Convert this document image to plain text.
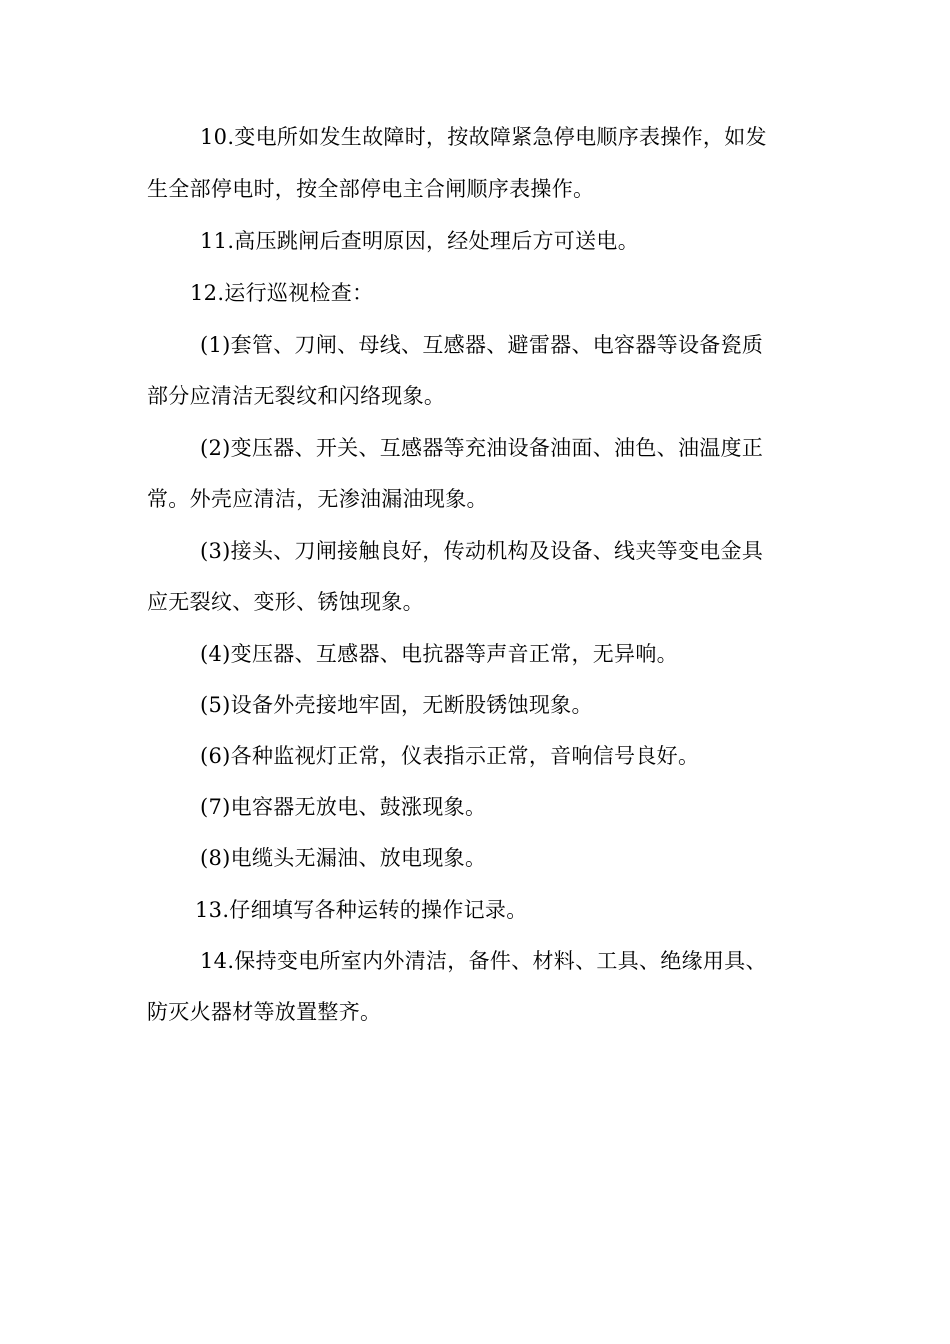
10.变电所如发生故障时，按故障紧急停电顺序表操作，如发
生全部停电时，按全部停电主合闸顺序表操作。
11.高压跳闸后查明原因，经处理后方可送电。
12.运行巡视检查：
(1)套管、刀闸、母线、互感器、避雷器、电容器等设备瓷质
部分应清洁无裂纹和闪络现象。
(2)变压器、开关、互感器等充油设备油面、油色、油温度正
常。外壳应清洁，无渗油漏油现象。
(3)接头、刀闸接触良好，传动机构及设备、线夹等变电金具
应无裂纹、变形、锈蚀现象。
(4)变压器、互感器、电抗器等声音正常，无异响。
(5)设备外壳接地牢固，无断股锈蚀现象。
(6)各种监视灯正常，仪表指示正常，音响信号良好。
(7)电容器无放电、鼓涨现象。
(8)电缆头无漏油、放电现象。
13.仔细填写各种运转的操作记录。
14.保持变电所室内外清洁，备件、材料、工具、绝缘用具、
防灭火器材等放置整齐。
